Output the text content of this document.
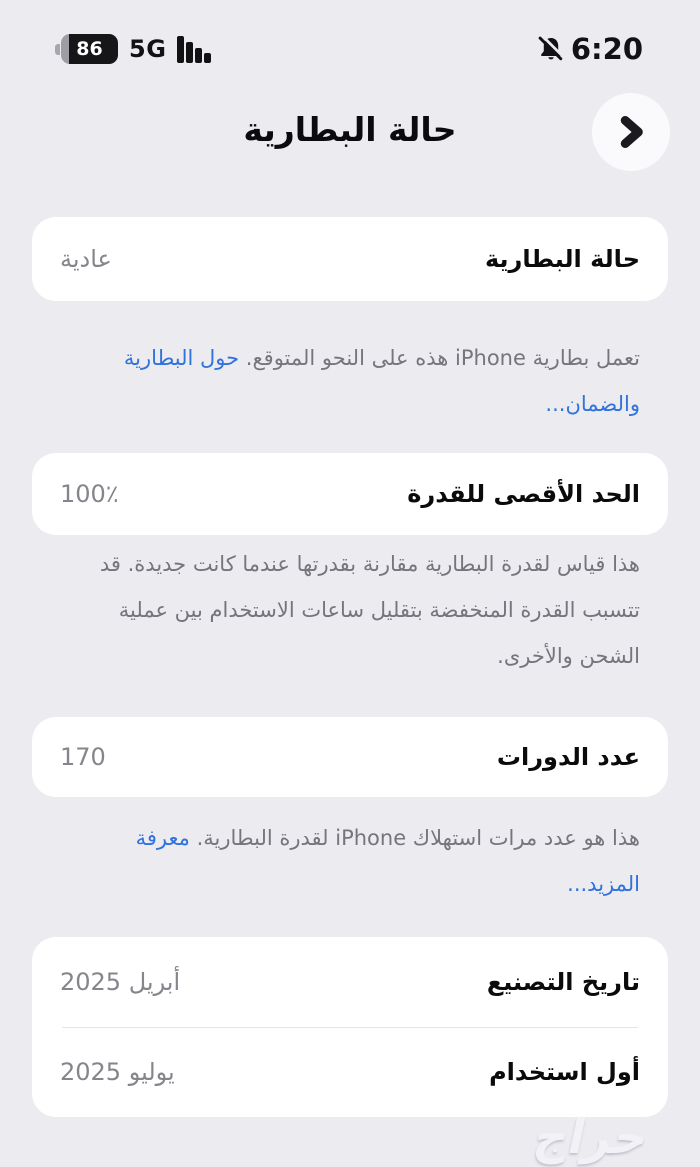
86	5G	6:20
حالة البطارية
حالة البطارية
عادية
تعمل بطارية iPhone هذه على النحو المتوقع. حول البطارية والضمان...
الحد الأقصى للقدرة
100٪
هذا قياس لقدرة البطارية مقارنة بقدرتها عندما كانت جديدة. قد تتسبب القدرة المنخفضة بتقليل ساعات الاستخدام بين عملية الشحن والأخرى.
عدد الدورات
170
هذا هو عدد مرات استهلاك iPhone لقدرة البطارية. معرفة المزيد...
تاريخ التصنيع
أبريل 2025
أول استخدام
يوليو 2025
حراج
